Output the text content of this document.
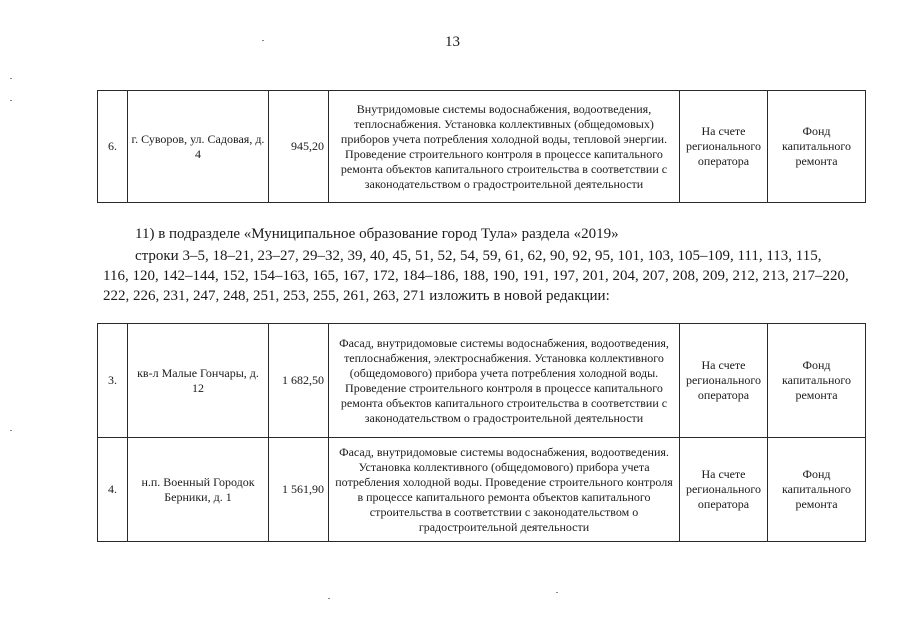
13
6.	г. Суворов, ул. Садовая, д. 4	945,20	Внутридомовые системы водоснабжения, водоотведения, теплоснабжения. Установка коллективных (общедомовых) приборов учета потребления холодной воды, тепловой энергии. Проведение строительного контроля в процессе капитального ремонта объектов капитального строительства в соответствии с законодательством о градостроительной деятельности	На счете регионального оператора	Фонд капитального ремонта
11) в подразделе «Муниципальное образование город Тула» раздела «2019»
строки 3–5, 18–21, 23–27, 29–32, 39, 40, 45, 51, 52, 54, 59, 61, 62, 90, 92, 95, 101, 103, 105–109, 111, 113, 115,
116, 120, 142–144, 152, 154–163, 165, 167, 172, 184–186, 188, 190, 191, 197, 201, 204, 207, 208, 209, 212, 213, 217–220,
222, 226, 231, 247, 248, 251, 253, 255, 261, 263, 271 изложить в новой редакции:
3.	кв-л Малые Гончары, д. 12	1 682,50	Фасад, внутридомовые системы водоснабжения, водоотведения, теплоснабжения, электроснабжения. Установка коллективного (общедомового) прибора учета потребления холодной воды. Проведение строительного контроля в процессе капитального ремонта объектов капитального строительства в соответствии с законодательством о градостроительной деятельности	На счете регионального оператора	Фонд капитального ремонта
4.	н.п. Военный Городок Берники, д. 1	1 561,90	Фасад, внутридомовые системы водоснабжения, водоотведения. Установка коллективного (общедомового) прибора учета потребления холодной воды. Проведение строительного контроля в процессе капитального ремонта объектов капитального строительства в соответствии с законодательством о градостроительной деятельности	На счете регионального оператора	Фонд капитального ремонта
